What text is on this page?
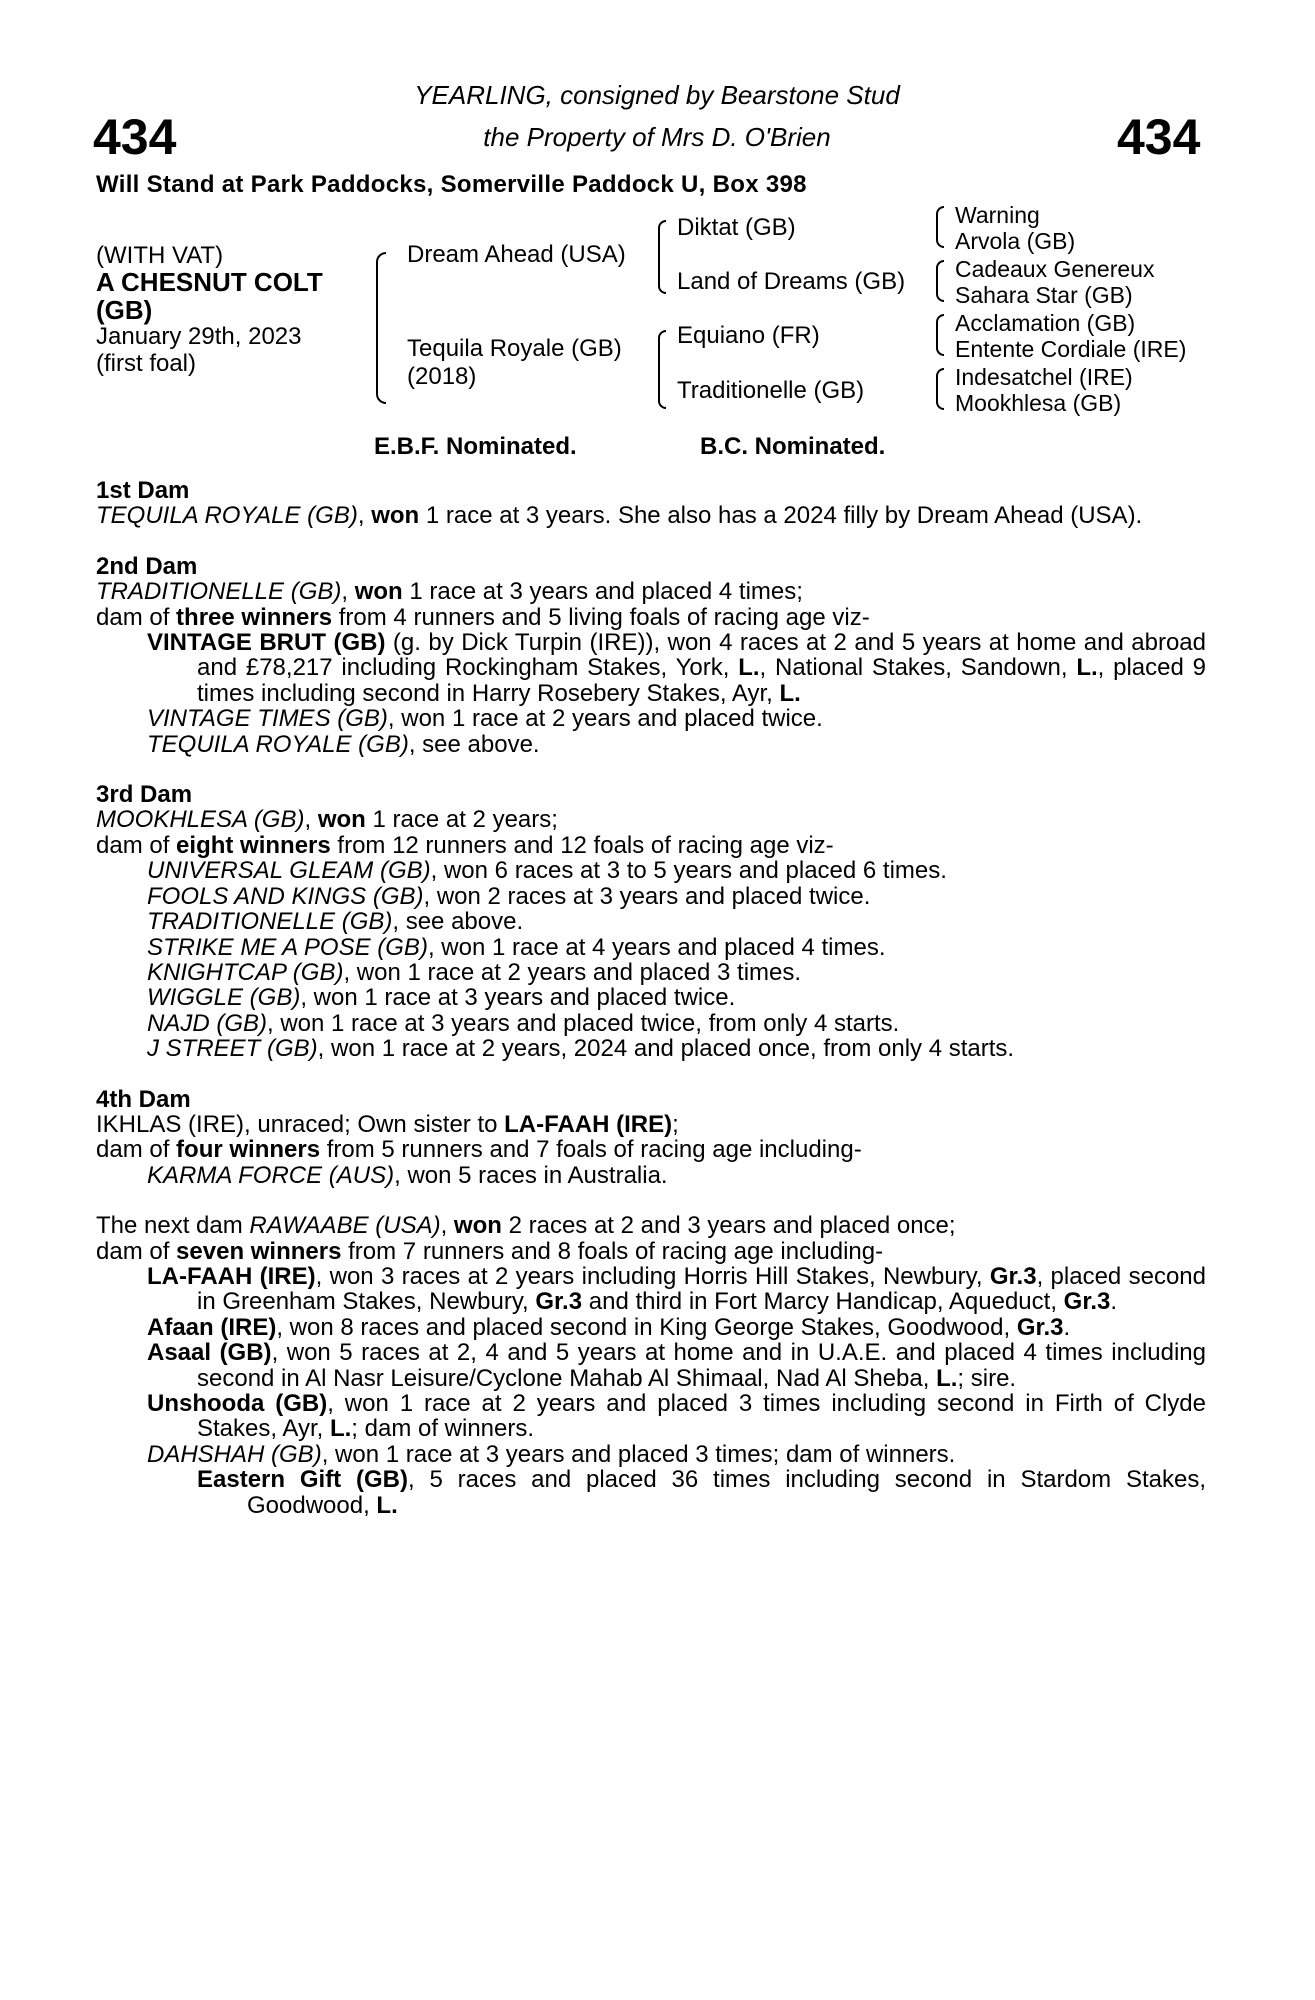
434	434
YEARLING, consigned by Bearstone Stud
the Property of Mrs D. O'Brien
Will Stand at Park Paddocks, Somerville Paddock U, Box 398
(WITH VAT)
A CHESNUT COLT
(GB)
January 29th, 2023
(first foal)
Dream Ahead (USA)
Tequila Royale (GB)
(2018)
Diktat (GB)
Land of Dreams (GB)
Equiano (FR)
Traditionelle (GB)
Warning
Arvola (GB)
Cadeaux Genereux
Sahara Star (GB)
Acclamation (GB)
Entente Cordiale (IRE)
Indesatchel (IRE)
Mookhlesa (GB)
E.B.F. Nominated.	B.C. Nominated.

1st Dam

TEQUILA ROYALE (GB), won 1 race at 3 years. She also has a 2024 filly by Dream Ahead (USA).

2nd Dam

TRADITIONELLE (GB), won 1 race at 3 years and placed 4 times;

dam of three winners from 4 runners and 5 living foals of racing age viz-

VINTAGE BRUT (GB) (g. by Dick Turpin (IRE)), won 4 races at 2 and 5 years at home and abroad and £78,217 including Rockingham Stakes, York, L., National Stakes, Sandown, L., placed 9 times including second in Harry Rosebery Stakes, Ayr, L.

VINTAGE TIMES (GB), won 1 race at 2 years and placed twice.

TEQUILA ROYALE (GB), see above.

3rd Dam

MOOKHLESA (GB), won 1 race at 2 years;

dam of eight winners from 12 runners and 12 foals of racing age viz-

UNIVERSAL GLEAM (GB), won 6 races at 3 to 5 years and placed 6 times.

FOOLS AND KINGS (GB), won 2 races at 3 years and placed twice.

TRADITIONELLE (GB), see above.

STRIKE ME A POSE (GB), won 1 race at 4 years and placed 4 times.

KNIGHTCAP (GB), won 1 race at 2 years and placed 3 times.

WIGGLE (GB), won 1 race at 3 years and placed twice.

NAJD (GB), won 1 race at 3 years and placed twice, from only 4 starts.

J STREET (GB), won 1 race at 2 years, 2024 and placed once, from only 4 starts.

4th Dam

IKHLAS (IRE), unraced; Own sister to LA-FAAH (IRE);

dam of four winners from 5 runners and 7 foals of racing age including-

KARMA FORCE (AUS), won 5 races in Australia.

The next dam RAWAABE (USA), won 2 races at 2 and 3 years and placed once;

dam of seven winners from 7 runners and 8 foals of racing age including-

LA-FAAH (IRE), won 3 races at 2 years including Horris Hill Stakes, Newbury, Gr.3, placed second in Greenham Stakes, Newbury, Gr.3 and third in Fort Marcy Handicap, Aqueduct, Gr.3.

Afaan (IRE), won 8 races and placed second in King George Stakes, Goodwood, Gr.3.

Asaal (GB), won 5 races at 2, 4 and 5 years at home and in U.A.E. and placed 4 times including second in Al Nasr Leisure/Cyclone Mahab Al Shimaal, Nad Al Sheba, L.; sire.

Unshooda (GB), won 1 race at 2 years and placed 3 times including second in Firth of Clyde Stakes, Ayr, L.; dam of winners.

DAHSHAH (GB), won 1 race at 3 years and placed 3 times; dam of winners.

Eastern Gift (GB), 5 races and placed 36 times including second in Stardom Stakes, Goodwood, L.
